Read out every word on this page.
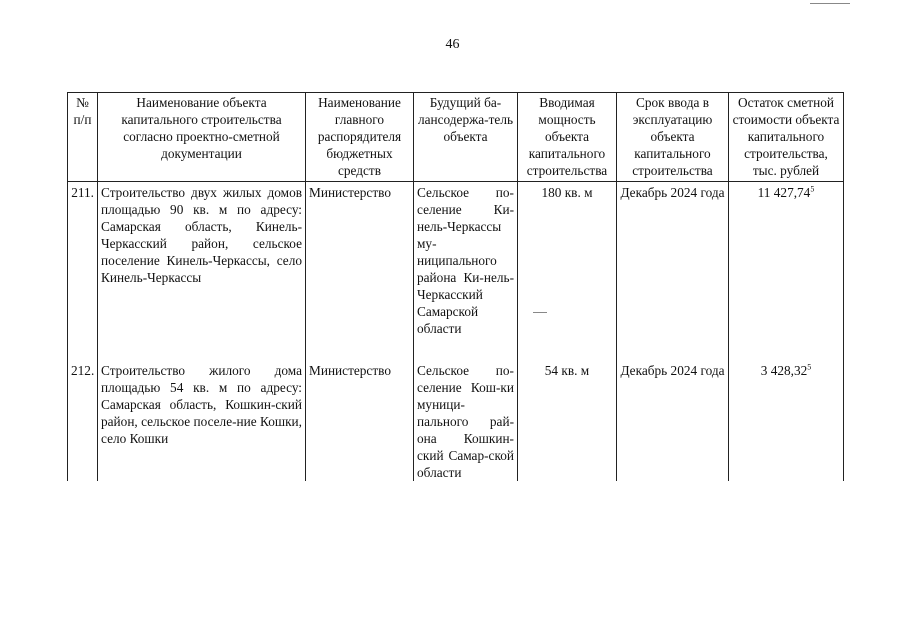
46
№ п/п	Наименование объекта капитального строительства согласно проектно-сметной документации	Наименование главного распорядителя бюджетных средств	Будущий ба-лансодержа-тель объекта	Вводимая мощность объекта капитального строительства	Срок ввода в эксплуатацию объекта капитального строительства	Остаток сметной стоимости объекта капитального строительства, тыс. рублей
211.	Строительство двух жилых домов площадью 90 кв. м по адресу: Самарская область, Кинель-Черкасский район, сельское поселение Кинель-Черкассы, село Кинель-Черкассы	Министерство	Сельское по-селение Ки-нель-Черкассы му-ниципального района Ки-нель-Черкасский Самарской области	180 кв. м	Декабрь 2024 года	11 427,74$^5$
212.	Строительство жилого дома площадью 54 кв. м по адресу: Самарская область, Кошкин-ский район, сельское поселе-ние Кошки, село Кошки	Министерство	Сельское по-селение Кош-ки муници-пального рай-она Кошкин-ский Самар-ской области	54 кв. м	Декабрь 2024 года	3 428,32$^5$
